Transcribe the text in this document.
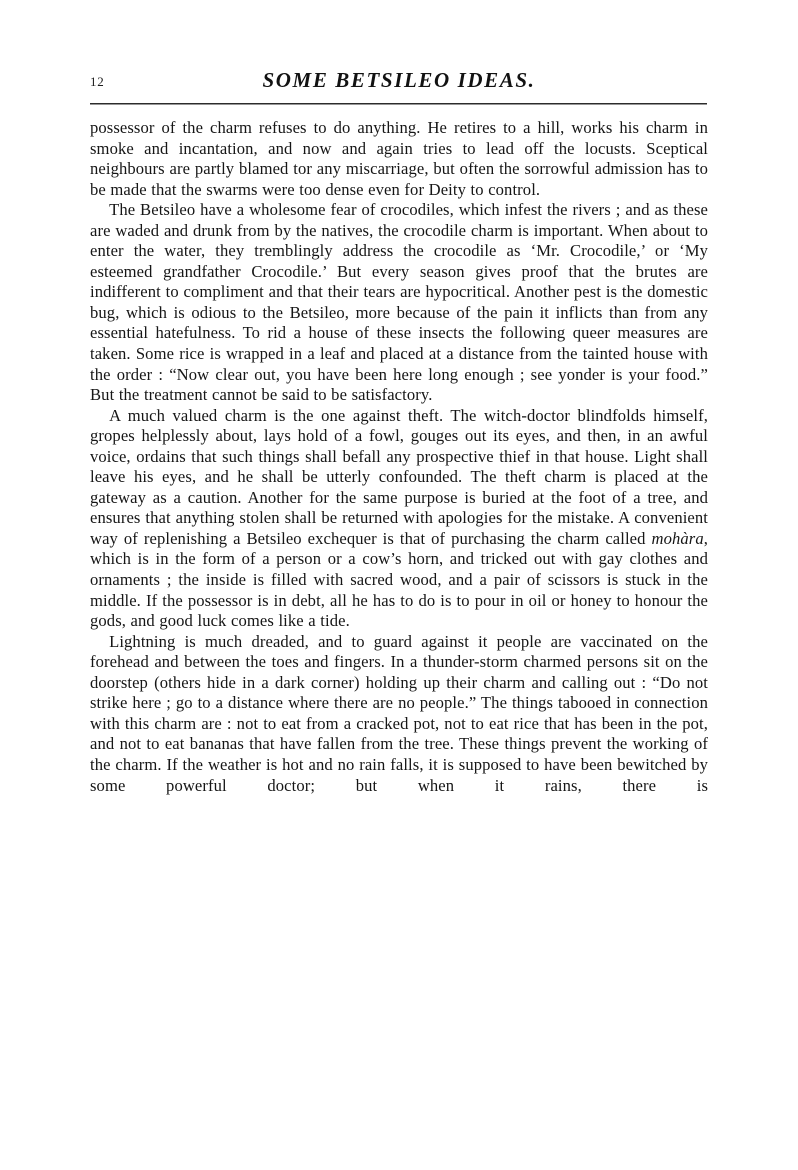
12	SOME BETSILEO IDEAS.

possessor of the charm refuses to do anything. He retires to a hill, works his charm in smoke and incantation, and now and again tries to lead off the locusts. Sceptical neighbours are partly blamed tor any miscarriage, but often the sorrowful admission has to be made that the swarms were too dense even for Deity to control.

The Betsileo have a wholesome fear of crocodiles, which infest the rivers ; and as these are waded and drunk from by the natives, the crocodile charm is important. When about to enter the water, they tremblingly address the crocodile as ‘Mr. Crocodile,’ or ‘My esteemed grandfather Crocodile.’ But every season gives proof that the brutes are indifferent to compliment and that their tears are hypocritical. Another pest is the domestic bug, which is odious to the Betsileo, more because of the pain it inflicts than from any essential hatefulness. To rid a house of these insects the following queer measures are taken. Some rice is wrapped in a leaf and placed at a distance from the tainted house with the order : “Now clear out, you have been here long enough ; see yonder is your food.” But the treatment cannot be said to be satisfactory.

A much valued charm is the one against theft. The witch-doctor blindfolds himself, gropes helplessly about, lays hold of a fowl, gouges out its eyes, and then, in an awful voice, ordains that such things shall befall any prospective thief in that house. Light shall leave his eyes, and he shall be utterly confounded. The theft charm is placed at the gateway as a caution. Another for the same purpose is buried at the foot of a tree, and ensures that anything stolen shall be returned with apologies for the mistake. A convenient way of replenishing a Betsileo exchequer is that of purchasing the charm called mohàra, which is in the form of a person or a cow’s horn, and tricked out with gay clothes and ornaments ; the inside is filled with sacred wood, and a pair of scissors is stuck in the middle. If the possessor is in debt, all he has to do is to pour in oil or honey to honour the gods, and good luck comes like a tide.

Lightning is much dreaded, and to guard against it people are vaccinated on the forehead and between the toes and fingers. In a thunder-storm charmed persons sit on the doorstep (others hide in a dark corner) holding up their charm and calling out : “Do not strike here ; go to a distance where there are no people.” The things tabooed in connection with this charm are : not to eat from a cracked pot, not to eat rice that has been in the pot, and not to eat bananas that have fallen from the tree. These things prevent the working of the charm. If the weather is hot and no rain falls, it is supposed to have been bewitched by some powerful doctor; but when it rains, there is
